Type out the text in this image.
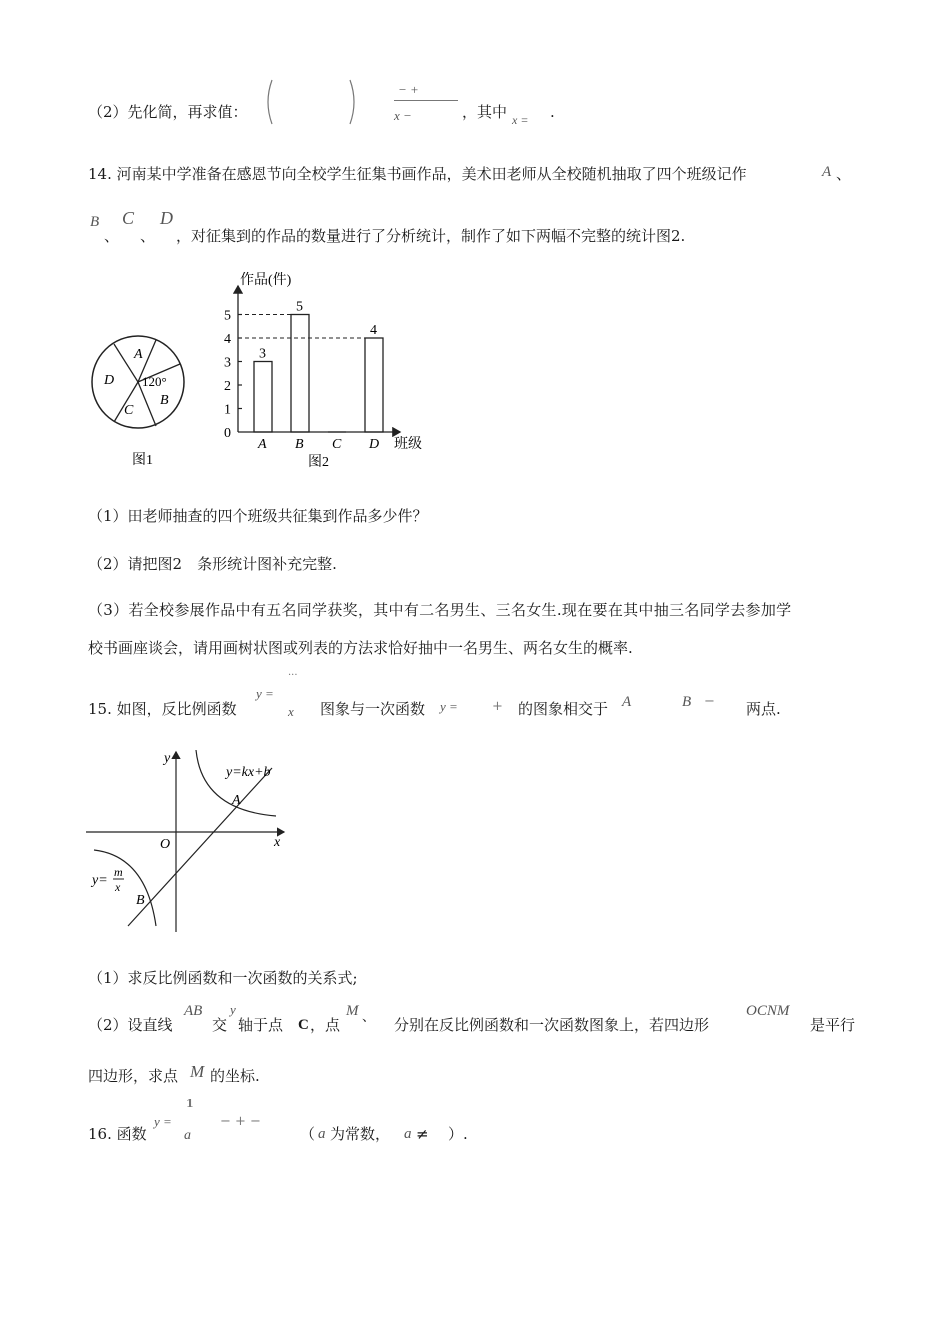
（2）先化简，再求值：
− +
x −	，其中 x = .
14. 河南某中学准备在感恩节向全校学生征集书画作品，美术田老师从全校随机抽取了四个班级记作	A 、
B
、
C
、
D
，对征集到的作品的数量进行了分析统计，制作了如下两幅不完整的统计图2.
A
B
C
D 120°
图1
作品(件)
班级
图2
0
1
2
3
4
5
3
A
5
B C
4
D
（1）田老师抽查的四个班级共征集到作品多少件？
（2）请把图2　条形统计图补充完整.
（3）若全校参展作品中有五名同学获奖，其中有二名男生、三名女生.现在要在其中抽三名同学去参加学
校书画座谈会，请用画树状图或列表的方法求恰好抽中一名男生、两名女生的概率.
15. 如图，反比例函数
y =
···
x 图象与一次函数 y =	+ 的图象相交于 A	B − 两点.
y
x
O
y=kx+b
A
B
y=
m
x
（1）求反比例函数和一次函数的关系式;
（2）设直线
AB
交
y
轴于点 C ，点
M 、 分别在反比例函数和一次函数图象上，若四边形
OCNM
是平行
四边形，求点 M 的坐标.
16. 函数
y =
1
a
− + −
（ a 为常数， a ≠ ）.
